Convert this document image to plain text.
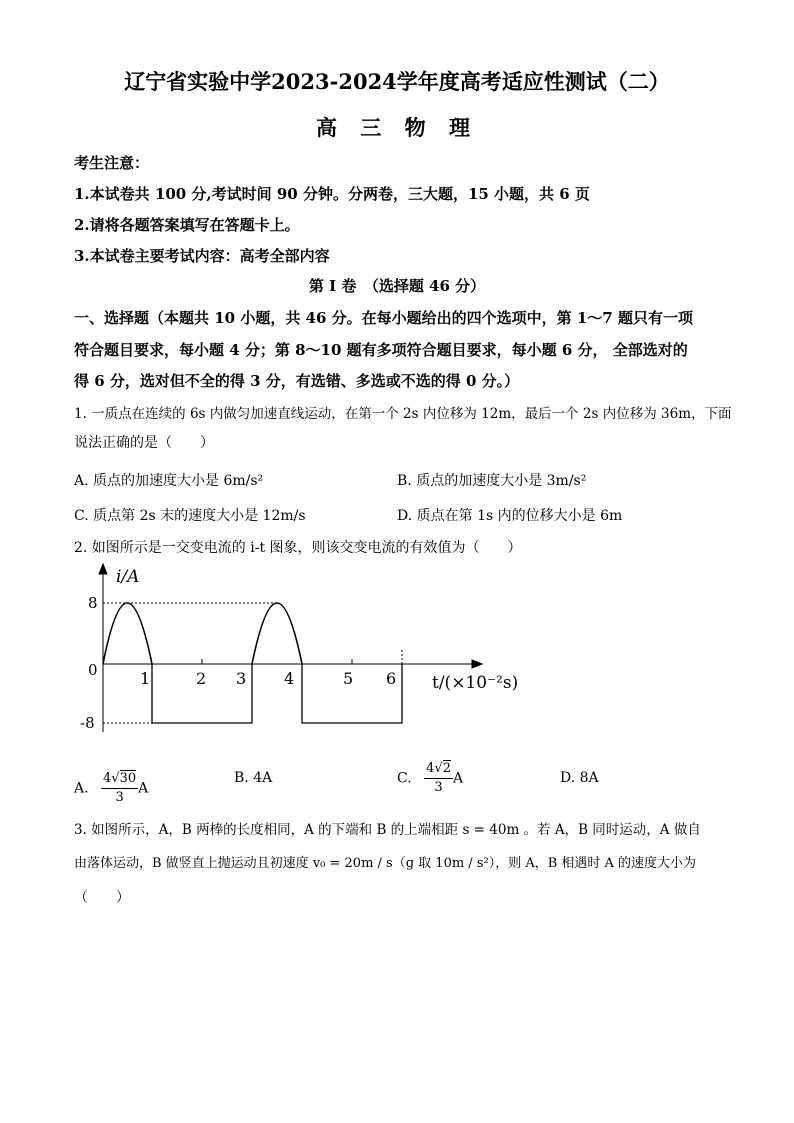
辽宁省实验中学2023-2024学年度高考适应性测试（二）
高 三 物 理
考生注意：
1.本试卷共 100 分,考试时间 90 分钟。分两卷，三大题，15 小题，共 6 页
2.请将各题答案填写在答题卡上。
3.本试卷主要考试内容：高考全部内容
第 I 卷　（选择题 46 分）
一、选择题（本题共 10 小题，共 46 分。在每小题给出的四个选项中，第 1～7 题只有一项
符合题目要求，每小题 4 分；第 8～10 题有多项符合题目要求，每小题 6 分， 全部选对的
得 6 分，选对但不全的得 3 分，有选错、多选或不选的得 0 分。）
1. 一质点在连续的 6s 内做匀加速直线运动，在第一个 2s 内位移为 12m，最后一个 2s 内位移为 36m，下面
说法正确的是（　　）
A. 质点的加速度大小是 6m/s²	B. 质点的加速度大小是 3m/s²
C. 质点第 2s 末的速度大小是 12m/s	D. 质点在第 1s 内的位移大小是 6m
2. 如图所示是一交变电流的 i-t 图象，则该交变电流的有效值为（　　）
i/A
8
-8
0	1	2 3 4	5 6 t/(×10⁻²s)
A. $\frac{4√30}{3}$ A
B. 4A	C. $\frac{4√2}{3}$ A	D. 8A
3. 如图所示，A，B 两棒的长度相同，A 的下端和 B 的上端相距 s = 40m 。若 A，B 同时运动，A 做自
由落体运动，B 做竖直上抛运动且初速度 v₀ = 20m / s（g 取 10m / s²），则 A，B 相遇时 A 的速度大小为
（　　）
